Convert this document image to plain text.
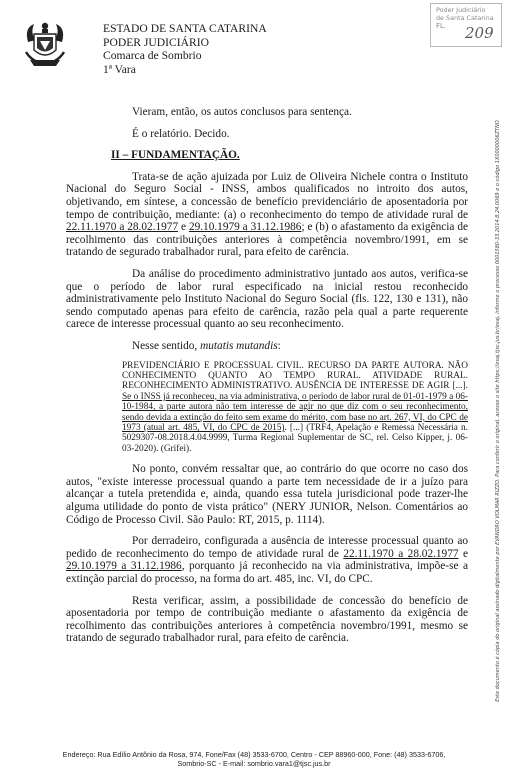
ESTADO DE SANTA CATARINA
PODER JUDICIÁRIO
Comarca de Sombrio
1ª Vara
Poder Judiciário
de Santa Catarina
FL.	209
Este documento é cópia do original assinado digitalmente por EVANDRO VOLMAR RIZZO. Para conferir o original, acesse o site https://esaj.tjsc.jus.br/esaj, informe o processo 0001580-33.2014.8.24.0069 e o código 1X0000006ZTNO

Vieram, então, os autos conclusos para sentença.

É o relatório. Decido.

II – FUNDAMENTAÇÃO.

Trata-se de ação ajuizada por Luiz de Oliveira Nichele contra o Instituto Nacional do Seguro Social - INSS, ambos qualificados no introito dos autos, objetivando, em síntese, a concessão de benefício previdenciário de aposentadoria por tempo de contribuição, mediante: (a) o reconhecimento do tempo de atividade rural de 22.11.1970 a 28.02.1977 e 29.10.1979 a 31.12.1986; e (b) o afastamento da exigência de recolhimento das contribuições anteriores à competência novembro/1991, em se tratando de segurado trabalhador rural, para efeito de carência.

Da análise do procedimento administrativo juntado aos autos, verifica-se que o período de labor rural especificado na inicial restou reconhecido administrativamente pelo Instituto Nacional do Seguro Social (fls. 122, 130 e 131), não sendo computado apenas para efeito de carência, razão pela qual a parte requerente carece de interesse processual quanto ao seu reconhecimento.

Nesse sentido, mutatis mutandis:

PREVIDENCIÁRIO E PROCESSUAL CIVIL. RECURSO DA PARTE AUTORA. NÃO CONHECIMENTO QUANTO AO TEMPO RURAL. ATIVIDADE RURAL. RECONHECIMENTO ADMINISTRATIVO. AUSÊNCIA DE INTERESSE DE AGIR [...]. Se o INSS já reconheceu, na via administrativa, o período de labor rural de 01-01-1979 a 06-10-1984, a parte autora não tem interesse de agir no que diz com o seu reconhecimento, sendo devida a extinção do feito sem exame do mérito, com base no art. 267, VI, do CPC de 1973 (atual art. 485, VI, do CPC de 2015). [...] (TRF4, Apelação e Remessa Necessária n. 5029307-08.2018.4.04.9999, Turma Regional Suplementar de SC, rel. Celso Kipper, j. 06-03-2020). (Grifei).

No ponto, convém ressaltar que, ao contrário do que ocorre no caso dos autos, "existe interesse processual quando a parte tem necessidade de ir a juízo para alcançar a tutela pretendida e, ainda, quando essa tutela jurisdicional pode trazer-lhe alguma utilidade do ponto de vista prático" (NERY JUNIOR, Nelson. Comentários ao Código de Processo Civil. São Paulo: RT, 2015, p. 1114).

Por derradeiro, configurada a ausência de interesse processual quanto ao pedido de reconhecimento do tempo de atividade rural de 22.11.1970 a 28.02.1977 e 29.10.1979 a 31.12.1986, porquanto já reconhecido na via administrativa, impõe-se a extinção parcial do processo, na forma do art. 485, inc. VI, do CPC.

Resta verificar, assim, a possibilidade de concessão do benefício de aposentadoria por tempo de contribuição mediante o afastamento da exigência de recolhimento das contribuições anteriores à competência novembro/1991, mesmo se tratando de segurado trabalhador rural, para efeito de carência.

Endereço: Rua Edílio Antônio da Rosa, 974, Fone/Fax (48) 3533-6700, Centro - CEP 88960-000, Fone: (48) 3533-6706,
Sombrio-SC - E-mail: sombrio.vara1@tjsc.jus.br
